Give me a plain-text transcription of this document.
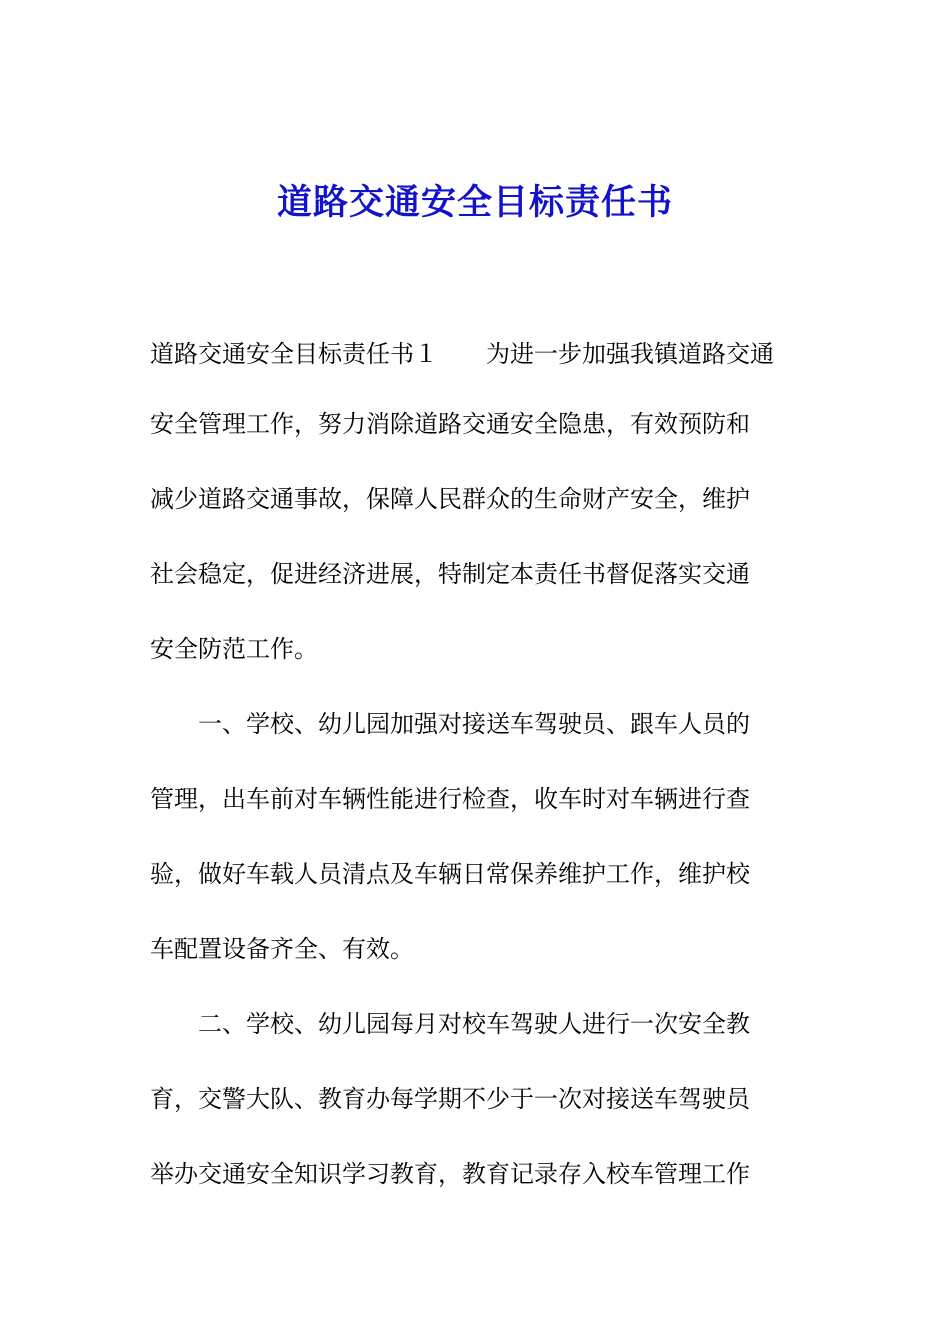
道路交通安全目标责任书

道路交通安全目标责任书１　　为进一步加强我镇道路交通

安全管理工作，努力消除道路交通安全隐患，有效预防和

减少道路交通事故，保障人民群众的生命财产安全，维护

社会稳定，促进经济进展，特制定本责任书督促落实交通

安全防范工作。

　　一、学校、幼儿园加强对接送车驾驶员、跟车人员的

管理，出车前对车辆性能进行检查，收车时对车辆进行查

验，做好车载人员清点及车辆日常保养维护工作，维护校

车配置设备齐全、有效。

　　二、学校、幼儿园每月对校车驾驶人进行一次安全教

育，交警大队、教育办每学期不少于一次对接送车驾驶员

举办交通安全知识学习教育，教育记录存入校车管理工作
